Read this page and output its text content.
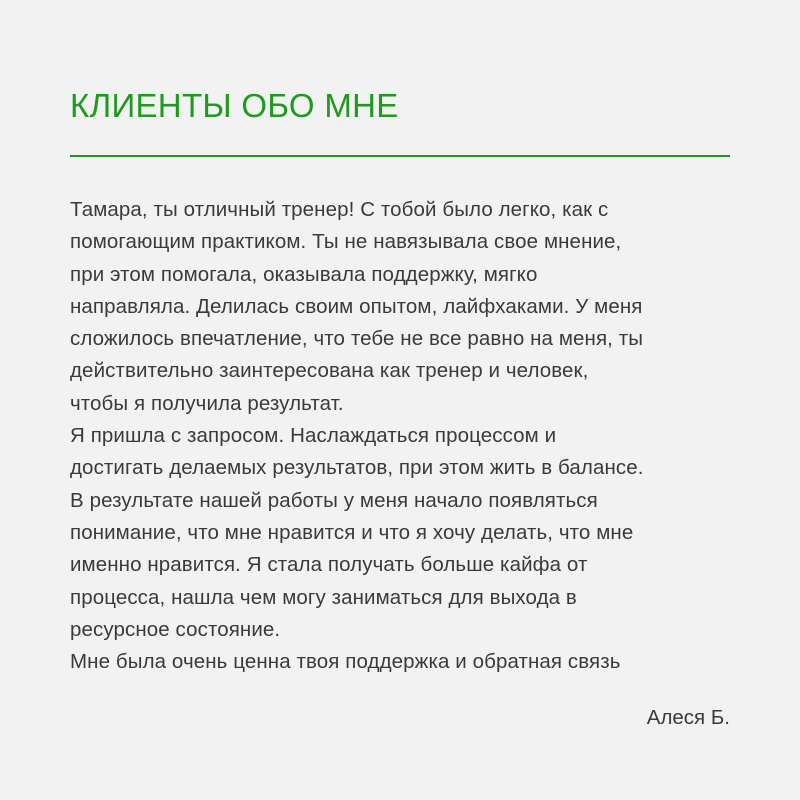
КЛИЕНТЫ ОБО МНЕ

Тамара, ты отличный тренер! С тобой было легко, как с
помогающим практиком. Ты не навязывала свое мнение,
при этом помогала, оказывала поддержку, мягко
направляла. Делилась своим опытом, лайфхаками. У меня
сложилось впечатление, что тебе не все равно на меня, ты
действительно заинтересована как тренер и человек,
чтобы я получила результат.
Я пришла с запросом. Наслаждаться процессом и
достигать делаемых результатов, при этом жить в балансе.
В результате нашей работы у меня начало появляться
понимание, что мне нравится и что я хочу делать, что мне
именно нравится. Я стала получать больше кайфа от
процесса, нашла чем могу заниматься для выхода в
ресурсное состояние.
Мне была очень ценна твоя поддержка и обратная связь

Алеся Б.
